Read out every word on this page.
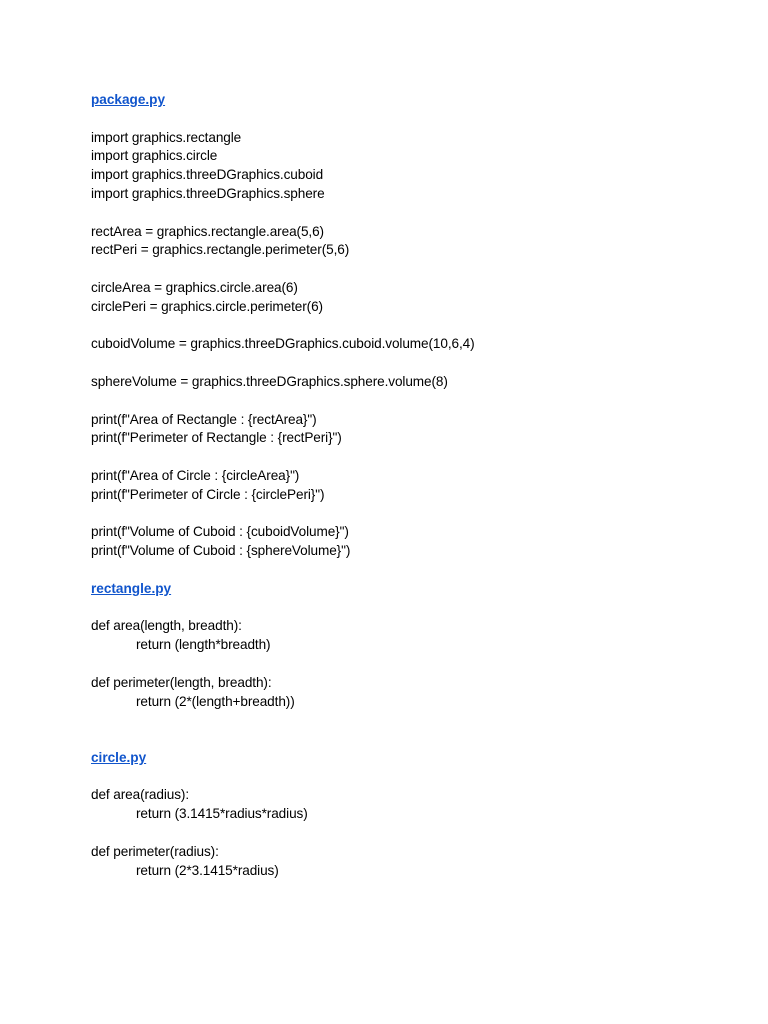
package.py
import graphics.rectangle
import graphics.circle
import graphics.threeDGraphics.cuboid
import graphics.threeDGraphics.sphere
rectArea = graphics.rectangle.area(5,6)
rectPeri = graphics.rectangle.perimeter(5,6)
circleArea = graphics.circle.area(6)
circlePeri = graphics.circle.perimeter(6)
cuboidVolume = graphics.threeDGraphics.cuboid.volume(10,6,4)
sphereVolume = graphics.threeDGraphics.sphere.volume(8)
print(f"Area of Rectangle : {rectArea}")
print(f"Perimeter of Rectangle : {rectPeri}")
print(f"Area of Circle : {circleArea}")
print(f"Perimeter of Circle : {circlePeri}")
print(f"Volume of Cuboid : {cuboidVolume}")
print(f"Volume of Cuboid : {sphereVolume}")
rectangle.py
def area(length, breadth):
return (length*breadth)
def perimeter(length, breadth):
return (2*(length+breadth))
circle.py
def area(radius):
return (3.1415*radius*radius)
def perimeter(radius):
return (2*3.1415*radius)
